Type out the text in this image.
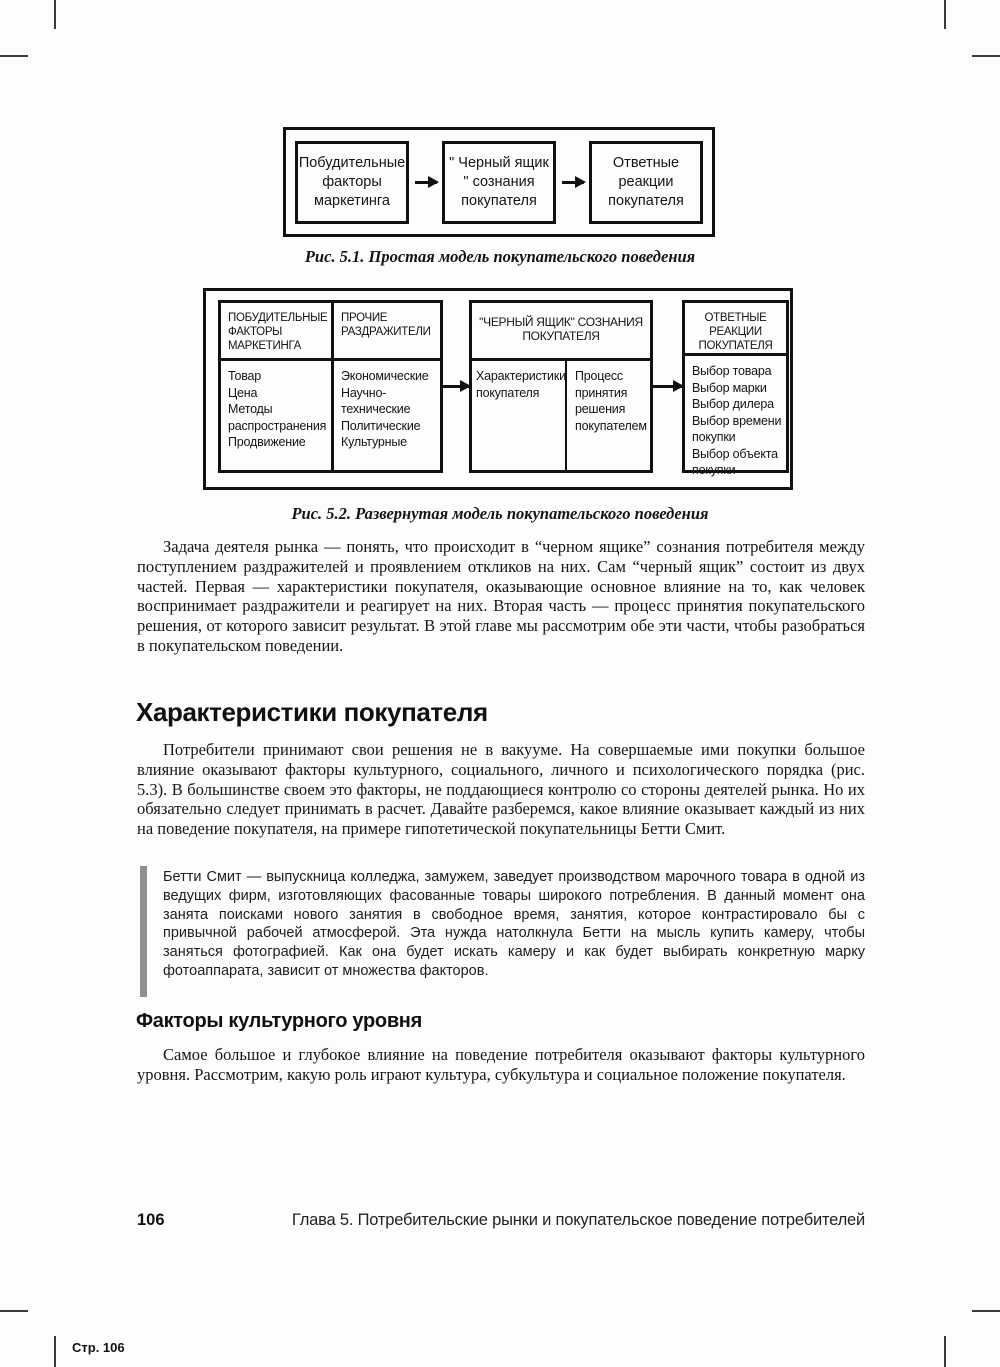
Побудительные факторы маркетинга
" Черный ящик " сознания покупателя
Ответные реакции покупателя
Рис. 5.1. Простая модель покупательского поведения
ПОБУДИТЕЛЬНЫЕ ФАКТОРЫ МАРКЕТИНГА
Товар
Цена
Методы распространения
Продвижение
ПРОЧИЕ РАЗДРАЖИТЕЛИ
Экономические
Научно-технические
Политические
Культурные
"ЧЕРНЫЙ ЯЩИК" СОЗНАНИЯ ПОКУПАТЕЛЯ
Характеристики покупателя
Процесс принятия решения покупателем
ОТВЕТНЫЕ РЕАКЦИИ ПОКУПАТЕЛЯ
Выбор товара
Выбор марки
Выбор дилера
Выбор времени покупки
Выбор объекта покупки
Рис. 5.2. Развернутая модель покупательского поведения
Задача деятеля рынка — понять, что происходит в “черном ящике” сознания потребителя между поступлением раздражителей и проявлением откликов на них. Сам “черный ящик” состоит из двух частей. Первая — характеристики покупателя, оказывающие основное влияние на то, как человек воспринимает раздражители и реагирует на них. Вторая часть — процесс принятия покупательского решения, от которого зависит результат. В этой главе мы рассмотрим обе эти части, чтобы разобраться в покупательском поведении.
Характеристики покупателя
Потребители принимают свои решения не в вакууме. На совершаемые ими покупки большое влияние оказывают факторы культурного, социального, личного и психологического порядка (рис. 5.3). В большинстве своем это факторы, не поддающиеся контролю со стороны деятелей рынка. Но их обязательно следует принимать в расчет. Давайте разберемся, какое влияние оказывает каждый из них на поведение покупателя, на примере гипотетической покупательницы Бетти Смит.
Бетти Смит — выпускница колледжа, замужем, заведует производством марочного товара в одной из ведущих фирм, изготовляющих фасованные товары широкого потребления. В данный момент она занята поисками нового занятия в свободное время, занятия, которое контрастировало бы с привычной рабочей атмосферой. Эта нужда натолкнула Бетти на мысль купить камеру, чтобы заняться фотографией. Как она будет искать камеру и как будет выбирать конкретную марку фотоаппарата, зависит от множества факторов.
Факторы культурного уровня
Самое большое и глубокое влияние на поведение потребителя оказывают факторы культурного уровня. Рассмотрим, какую роль играют культура, субкультура и социальное положение покупателя.
106	Глава 5. Потребительские рынки и покупательское поведение потребителей
Стр. 106
